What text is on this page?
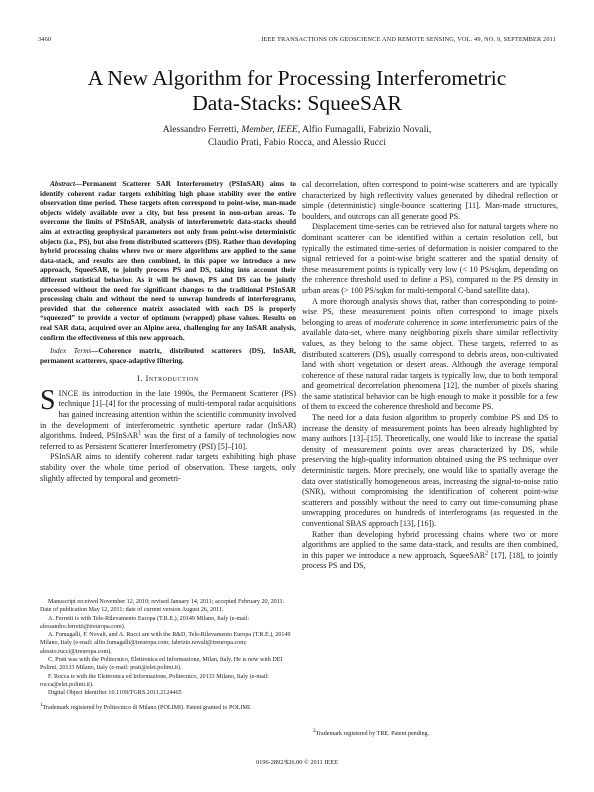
3460	IEEE TRANSACTIONS ON GEOSCIENCE AND REMOTE SENSING, VOL. 49, NO. 9, SEPTEMBER 2011
A New Algorithm for Processing Interferometric
Data-Stacks: SqueeSAR
Alessandro Ferretti, Member, IEEE, Alfio Fumagalli, Fabrizio Novali,
Claudio Prati, Fabio Rocca, and Alessio Rucci

Abstract—Permanent Scatterer SAR Interferometry (PSInSAR) aims to identify coherent radar targets exhibiting high phase stability over the entire observation time period. These targets often correspond to point-wise, man-made objects widely available over a city, but less present in non-urban areas. To overcome the limits of PSInSAR, analysis of interferometric data-stacks should aim at extracting geophysical parameters not only from point-wise deterministic objects (i.e., PS), but also from distributed scatterers (DS). Rather than developing hybrid processing chains where two or more algorithms are applied to the same data-stack, and results are then combined, in this paper we introduce a new approach, SqueeSAR, to jointly process PS and DS, taking into account their different statistical behavior. As it will be shown, PS and DS can be jointly processed without the need for significant changes to the traditional PSInSAR processing chain and without the need to unwrap hundreds of interferograms, provided that the coherence matrix associated with each DS is properly “squeezed” to provide a vector of optimum (wrapped) phase values. Results on real SAR data, acquired over an Alpine area, challenging for any InSAR analysis, confirm the effectiveness of this new approach.

Index Terms—Coherence matrix, distributed scatterers (DS), InSAR, permanent scatterers, space-adaptive filtering.

I. Introduction

SINCE its introduction in the late 1990s, the Permanent Scatterer (PS) technique [1]–[4] for the processing of multi-temporal radar acquisitions has gained increasing attention within the scientific community involved in the development of interferometric synthetic aperture radar (InSAR) algorithms. Indeed, PSInSAR$^1$ was the first of a family of technologies now referred to as Persistent Scatterer Interferometry (PSI) [5]–[10].

PSInSAR aims to identify coherent radar targets exhibiting high phase stability over the whole time period of observation. These targets, only slightly affected by temporal and geometri-

Manuscript received November 12, 2010; revised January 14, 2011; accepted February 20, 2011. Date of publication May 12, 2011; date of current version August 26, 2011.

A. Ferretti is with Tele-Rilevamento Europa (T.R.E.), 20149 Milano, Italy (e-mail: alessandro.ferretti@treuropa.com).

A. Fumagalli, F. Novali, and A. Rucci are with the R&D, Tele-Rilevamento Europa (T.R.E.), 20149 Milano, Italy (e-mail: alfio.fumagalli@treuropa.com; fabrizio.novali@treuropa.com; alessio.rucci@treuropa.com).

C. Prati was with the Politecnico, Elettronica ed Informazione, Milan, Italy. He is now with DEI Polimi, 20133 Milano, Italy (e-mail: prati@elet.polimi.it).

F. Rocca is with the Elettronica ed Informazione, Politecnico, 20133 Milano, Italy (e-mail: rocca@elet.polimi.it).

Digital Object Identifier 10.1109/TGRS.2011.2124465

$^1$Trademark registered by Politecnico di Milano (POLIMI). Patent granted to POLIMI.

cal decorrelation, often correspond to point-wise scatterers and are typically characterized by high reflectivity values generated by dihedral reflection or simple (deterministic) single-bounce scattering [11]. Man-made structures, boulders, and outcrops can all generate good PS.

Displacement time-series can be retrieved also for natural targets where no dominant scatterer can be identified within a certain resolution cell, but typically the estimated time-series of deformation is noisier compared to the signal retrieved for a point-wise bright scatterer and the spatial density of these measurement points is typically very low (< 10 PS/sqkm, depending on the coherence threshold used to define a PS), compared to the PS density in urban areas (> 100 PS/sqkm for multi-temporal C-band satellite data).

A more thorough analysis shows that, rather than corresponding to point-wise PS, these measurement points often correspond to image pixels belonging to areas of moderate coherence in some interferometric pairs of the available data-set, where many neighboring pixels share similar reflectivity values, as they belong to the same object. These targets, referred to as distributed scatterers (DS), usually correspond to debris areas, non-cultivated land with short vegetation or desert areas. Although the average temporal coherence of these natural radar targets is typically low, due to both temporal and geometrical decorrelation phenomena [12], the number of pixels sharing the same statistical behavior can be high enough to make it possible for a few of them to exceed the coherence threshold and become PS.

The need for a data fusion algorithm to properly combine PS and DS to increase the density of measurement points has been already highlighted by many authors [13]–[15]. Theoretically, one would like to increase the spatial density of measurement points over areas characterized by DS, while preserving the high-quality information obtained using the PS technique over deterministic targets. More precisely, one would like to spatially average the data over statistically homogeneous areas, increasing the signal-to-noise ratio (SNR), without compromising the identification of coherent point-wise scatterers and possibly without the need to carry out time-consuming phase unwrapping procedures on hundreds of interferograms (as requested in the conventional SBAS approach [13], [16]).

Rather than developing hybrid processing chains where two or more algorithms are applied to the same data-stack, and results are then combined, in this paper we introduce a new approach, SqueeSAR$^2$ [17], [18], to jointly process PS and DS,

$^2$Trademark registered by TRE. Patent pending.
0196-2892/$26.00 © 2011 IEEE
